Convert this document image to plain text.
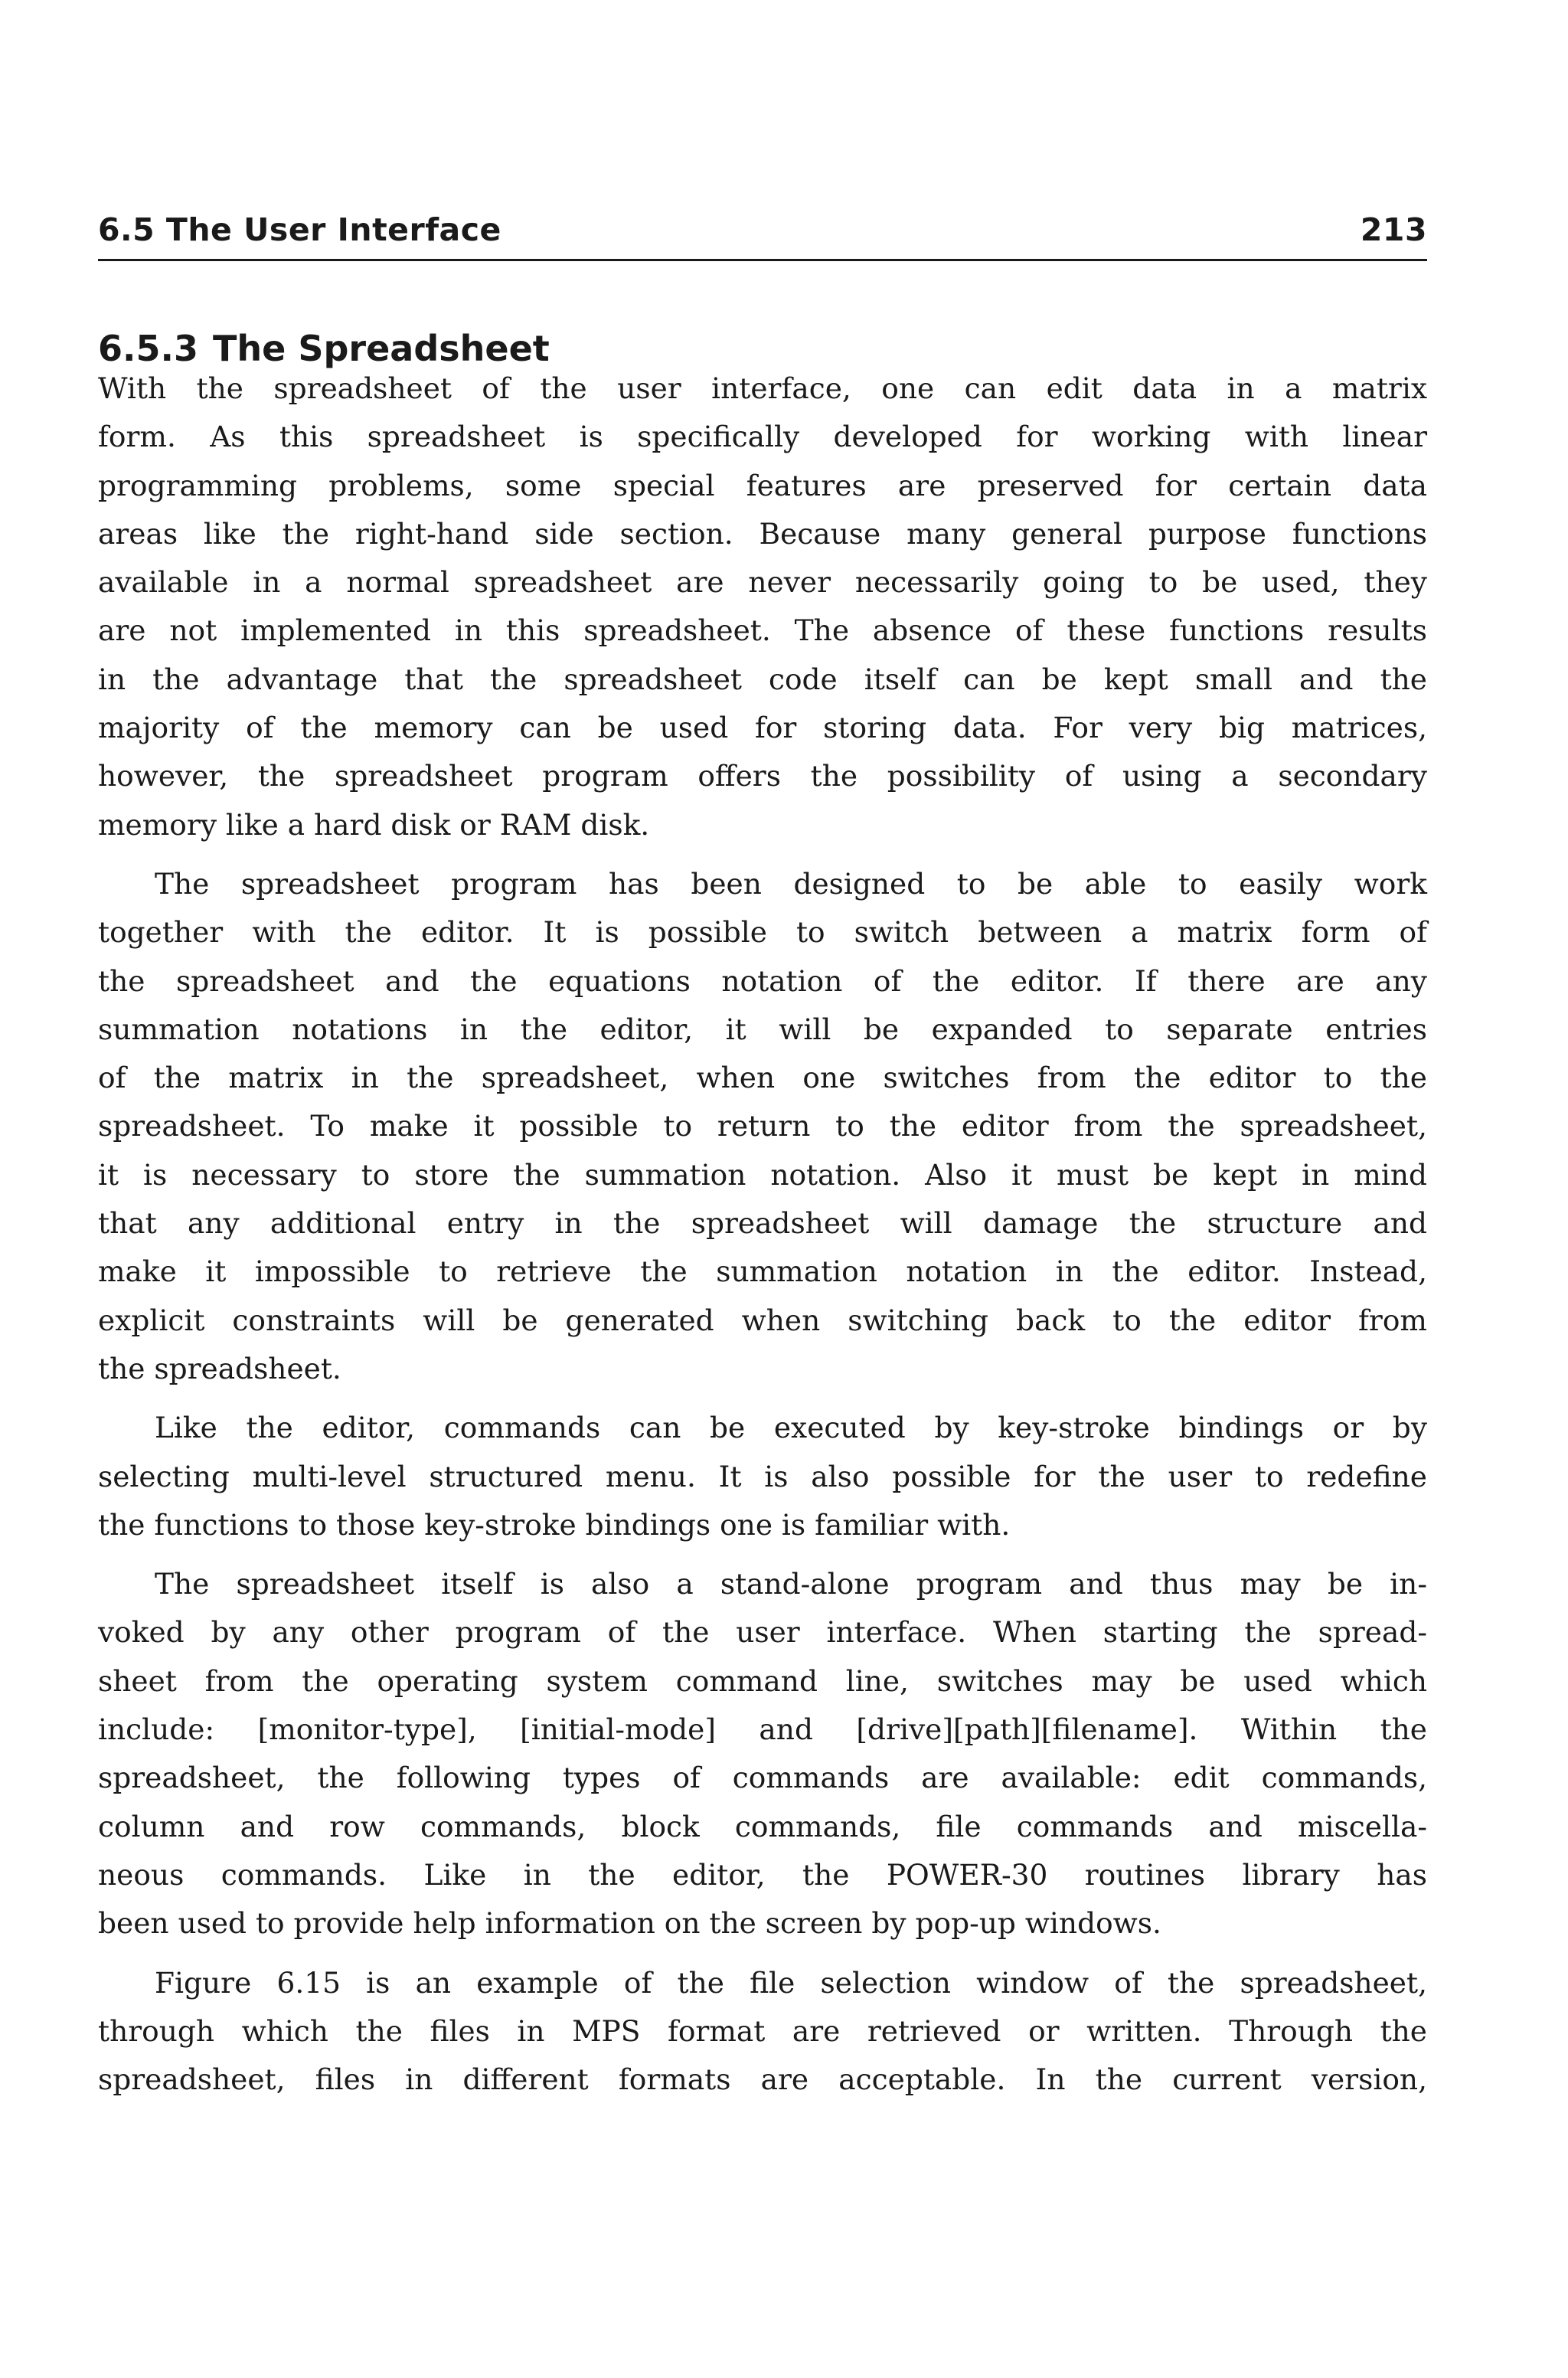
6.5 The User Interface	213
6.5.3 The Spreadsheet
With the spreadsheet of the user interface, one can edit data in a matrix
form. As this spreadsheet is specifically developed for working with linear
programming problems, some special features are preserved for certain data
areas like the right-hand side section. Because many general purpose functions
available in a normal spreadsheet are never necessarily going to be used, they
are not implemented in this spreadsheet. The absence of these functions results
in the advantage that the spreadsheet code itself can be kept small and the
majority of the memory can be used for storing data. For very big matrices,
however, the spreadsheet program offers the possibility of using a secondary
memory like a hard disk or RAM disk.
The spreadsheet program has been designed to be able to easily work
together with the editor. It is possible to switch between a matrix form of
the spreadsheet and the equations notation of the editor. If there are any
summation notations in the editor, it will be expanded to separate entries
of the matrix in the spreadsheet, when one switches from the editor to the
spreadsheet. To make it possible to return to the editor from the spreadsheet,
it is necessary to store the summation notation. Also it must be kept in mind
that any additional entry in the spreadsheet will damage the structure and
make it impossible to retrieve the summation notation in the editor. Instead,
explicit constraints will be generated when switching back to the editor from
the spreadsheet.
Like the editor, commands can be executed by key-stroke bindings or by
selecting multi-level structured menu. It is also possible for the user to redefine
the functions to those key-stroke bindings one is familiar with.
The spreadsheet itself is also a stand-alone program and thus may be in-
voked by any other program of the user interface. When starting the spread-
sheet from the operating system command line, switches may be used which
include: [monitor-type], [initial-mode] and [drive][path][filename]. Within the
spreadsheet, the following types of commands are available: edit commands,
column and row commands, block commands, file commands and miscella-
neous commands. Like in the editor, the POWER-30 routines library has
been used to provide help information on the screen by pop-up windows.
Figure 6.15 is an example of the file selection window of the spreadsheet,
through which the files in MPS format are retrieved or written. Through the
spreadsheet, files in different formats are acceptable. In the current version,
